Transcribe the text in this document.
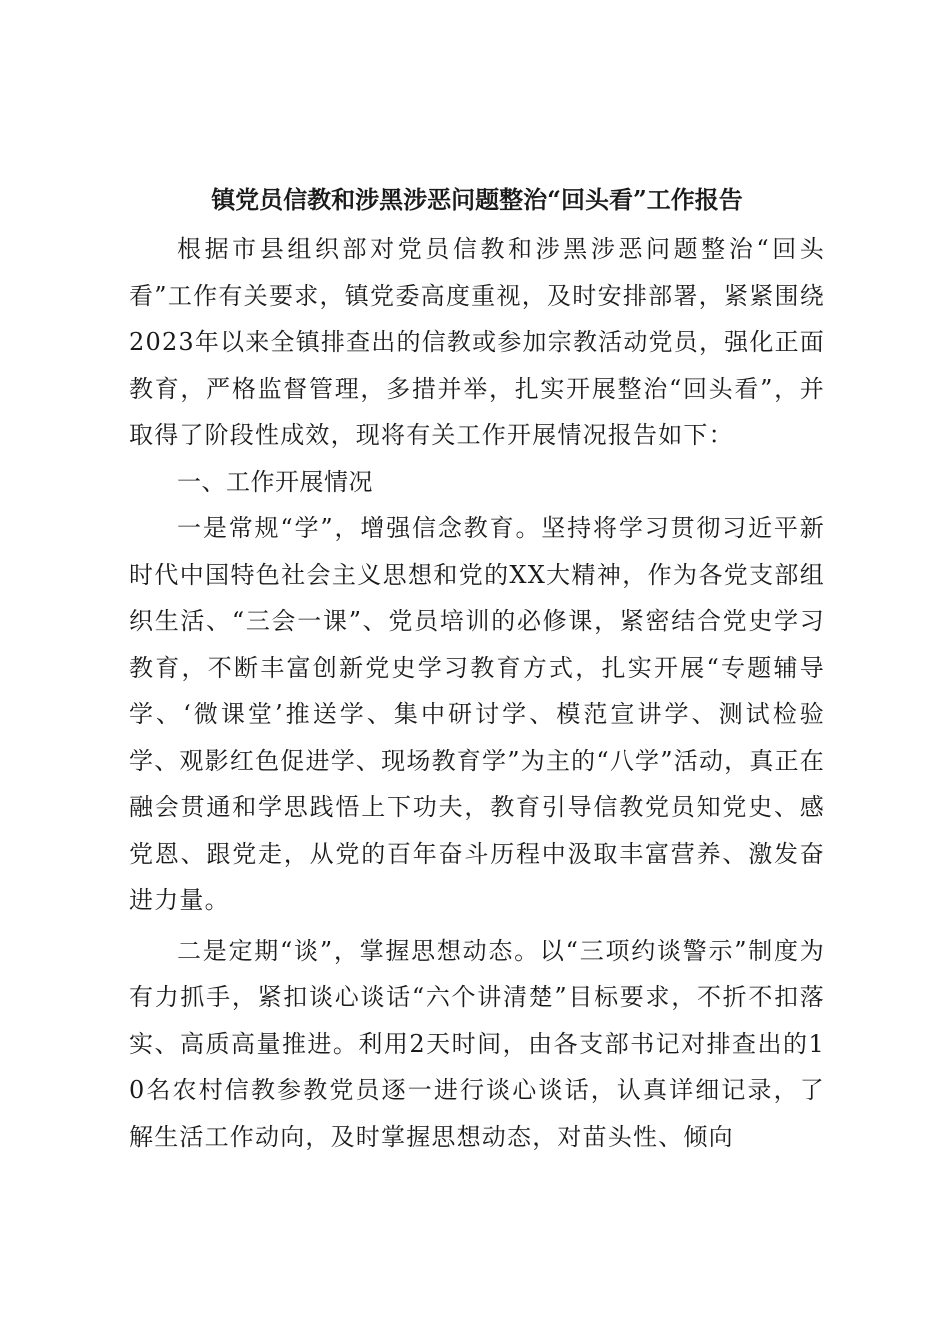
镇党员信教和涉黑涉恶问题整治“回头看”工作报告

根据市县组织部对党员信教和涉黑涉恶问题整治“回头看”工作有关要求，镇党委高度重视，及时安排部署，紧紧围绕2023年以来全镇排查出的信教或参加宗教活动党员，强化正面教育，严格监督管理，多措并举，扎实开展整治“回头看”，并取得了阶段性成效，现将有关工作开展情况报告如下：

一、工作开展情况

一是常规“学”，增强信念教育。坚持将学习贯彻习近平新时代中国特色社会主义思想和党的XX大精神，作为各党支部组织生活、“三会一课”、党员培训的必修课，紧密结合党史学习教育，不断丰富创新党史学习教育方式，扎实开展“专题辅导学、‘微课堂’推送学、集中研讨学、模范宣讲学、测试检验学、观影红色促进学、现场教育学”为主的“八学”活动，真正在融会贯通和学思践悟上下功夫，教育引导信教党员知党史、感党恩、跟党走，从党的百年奋斗历程中汲取丰富营养、激发奋进力量。

二是定期“谈”，掌握思想动态。以“三项约谈警示”制度为有力抓手，紧扣谈心谈话“六个讲清楚”目标要求，不折不扣落实、高质高量推进。利用2天时间，由各支部书记对排查出的10名农村信教参教党员逐一进行谈心谈话，认真详细记录，了解生活工作动向，及时掌握思想动态，对苗头性、倾向
